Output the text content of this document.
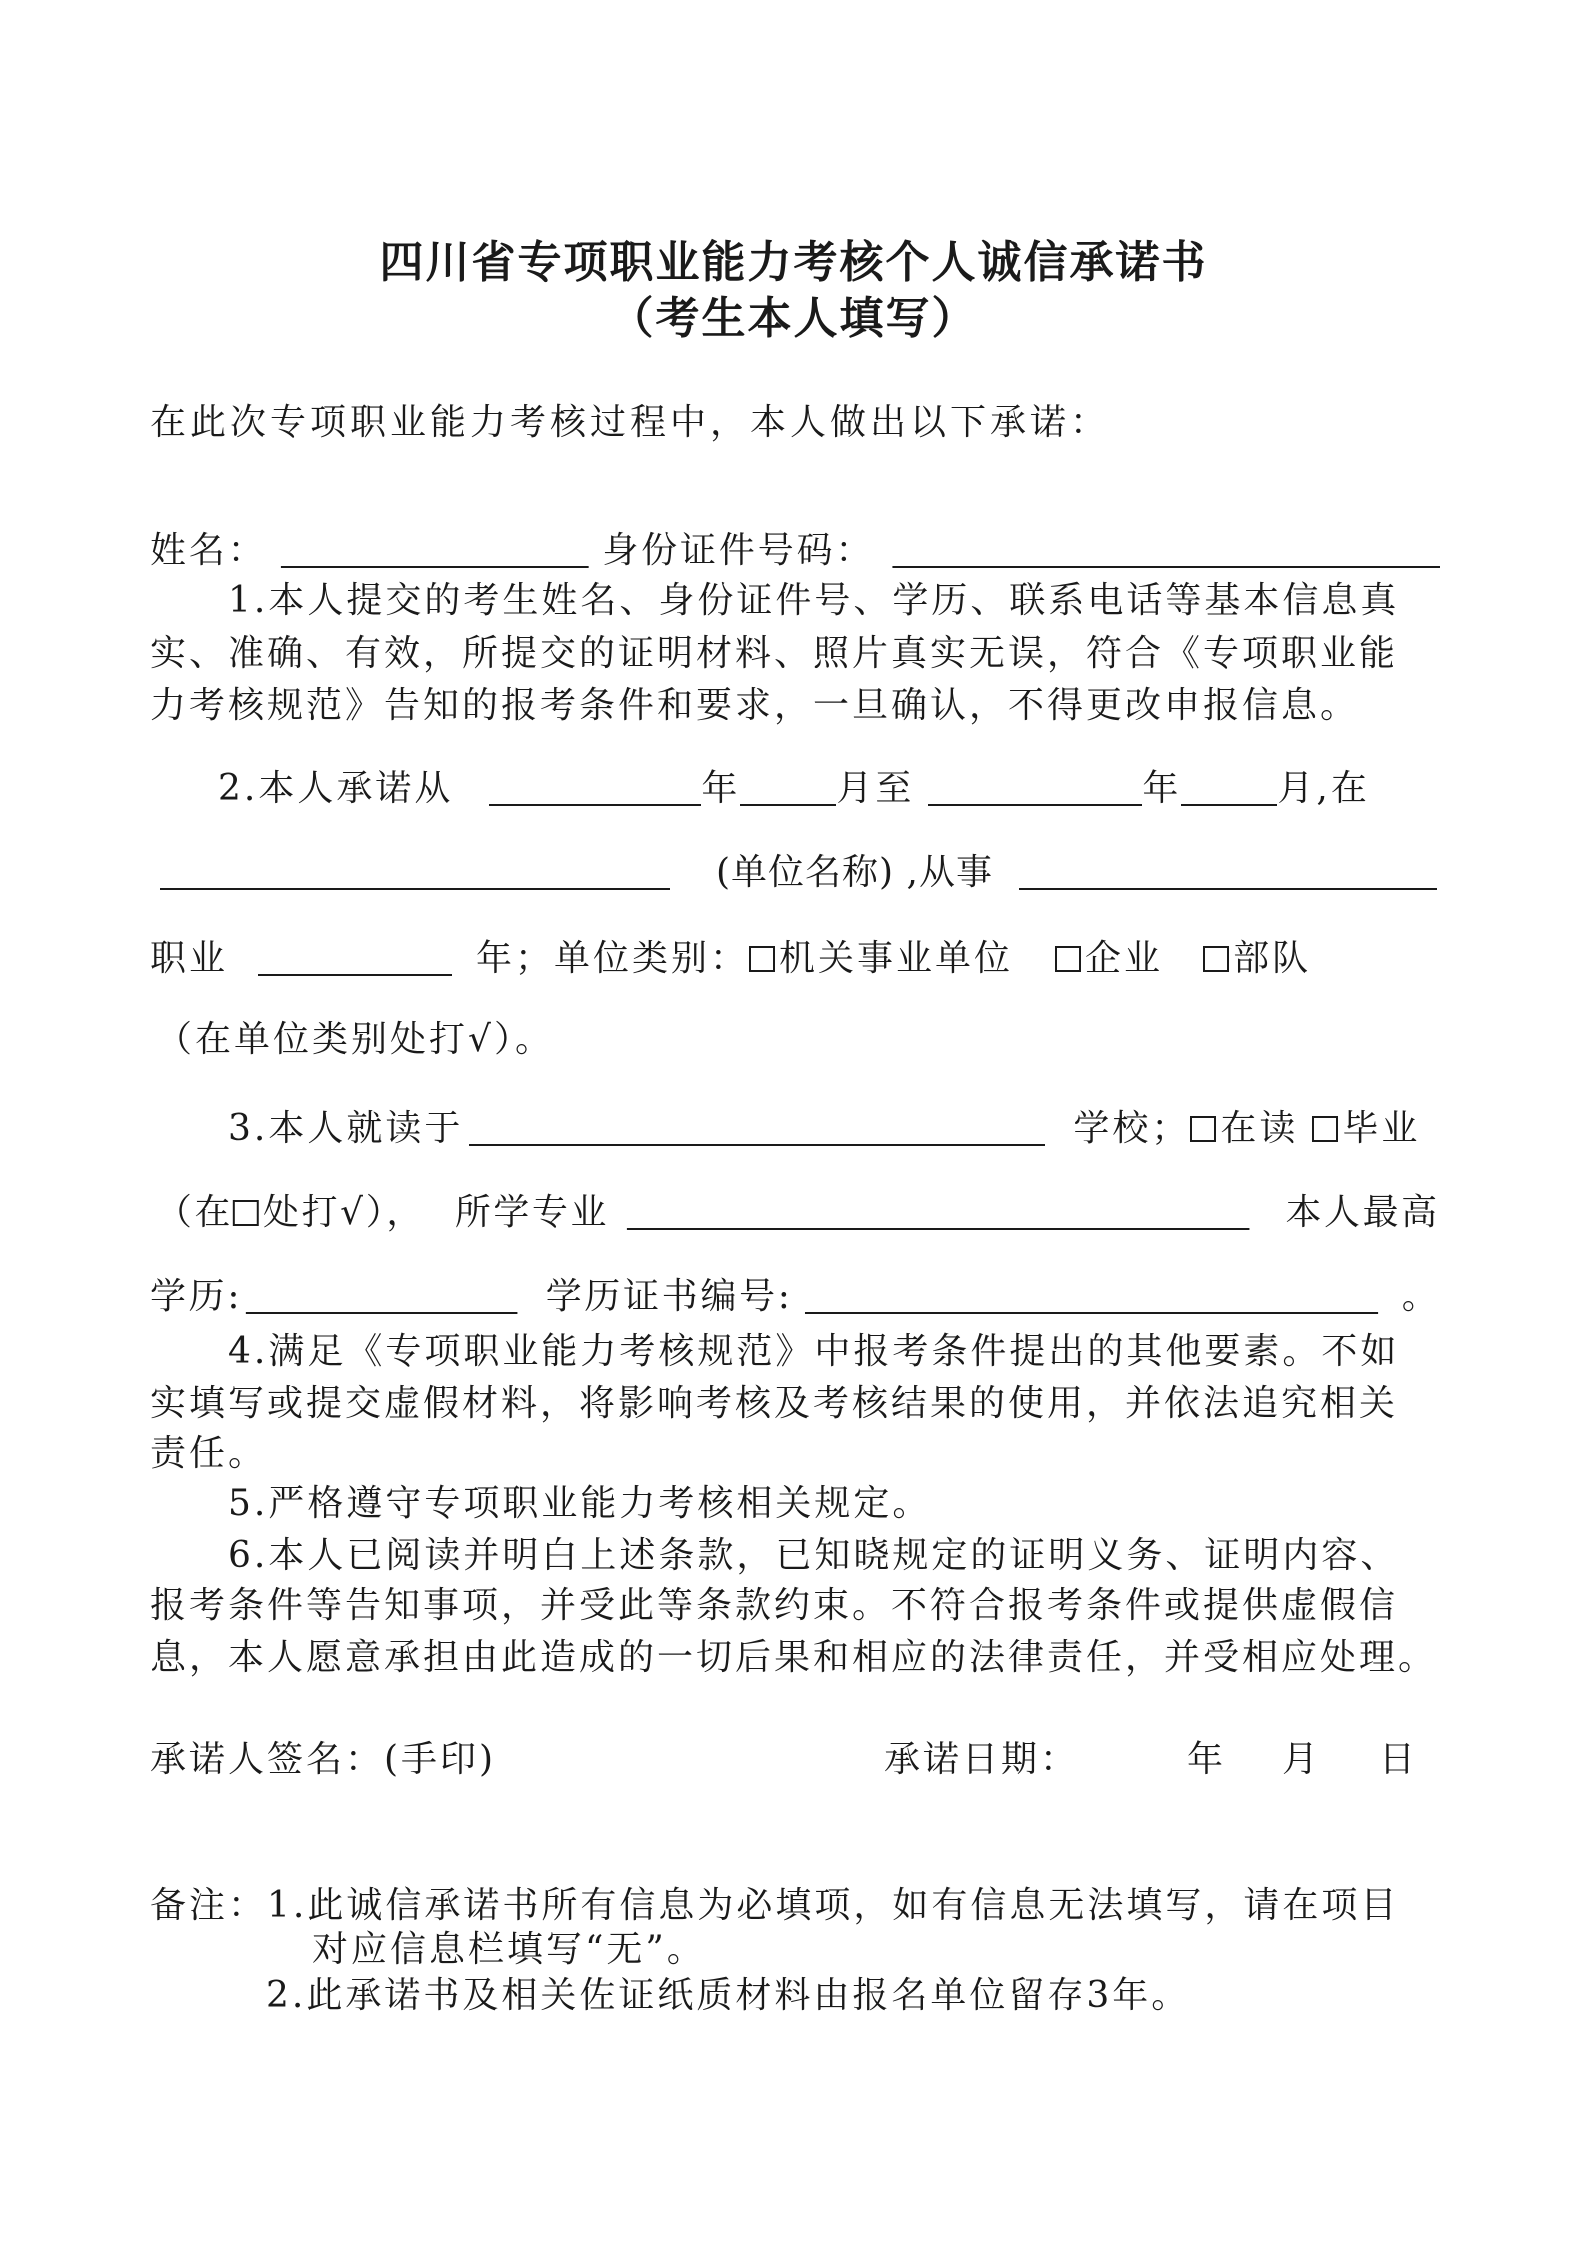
四川省专项职业能力考核个人诚信承诺书
（考生本人填写）
在此次专项职业能力考核过程中，本人做出以下承诺：
姓名：	身份证件号码：
1.本人提交的考生姓名、身份证件号、学历、联系电话等基本信息真
实、准确、有效，所提交的证明材料、照片真实无误，符合《专项职业能
力考核规范》告知的报考条件和要求，一旦确认，不得更改申报信息。
2.本人承诺从	年	月至	年	月,在
(单位名称) ,从事
职业	年；单位类别： 机关事业单位 企业 部队
（在单位类别处打√）。
3.本人就读于	学校； 在读 毕业
（在 处打√）， 所学专业	本人最高
学历:	学历证书编号:	。
4.满足《专项职业能力考核规范》中报考条件提出的其他要素。不如
实填写或提交虚假材料，将影响考核及考核结果的使用，并依法追究相关
责任。
5.严格遵守专项职业能力考核相关规定。
6.本人已阅读并明白上述条款，已知晓规定的证明义务、证明内容、
报考条件等告知事项，并受此等条款约束。不符合报考条件或提供虚假信
息，本人愿意承担由此造成的一切后果和相应的法律责任，并受相应处理。
承诺人签名：(手印)	承诺日期：	年 月 日
备注：1.此诚信承诺书所有信息为必填项，如有信息无法填写，请在项目
对应信息栏填写“无”。
2.此承诺书及相关佐证纸质材料由报名单位留存3年。
